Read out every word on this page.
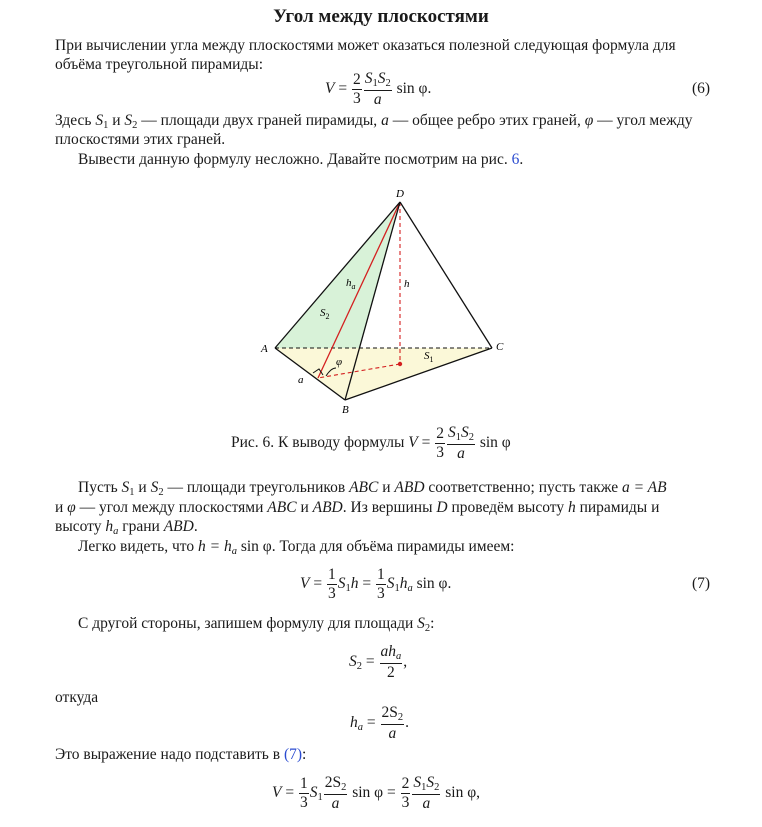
Угол между плоскостями
При вычислении угла между плоскостями может оказаться полезной следующая формула для
объёма треугольной пирамиды:
$V = \frac{2}{3} \frac{S1S2}{a}$ sin φ.	(6)
Здесь S1 и S2 — площади двух граней пирамиды, a — общее ребро этих граней, φ — угол между
плоскостями этих граней.
Вывести данную формулу несложно. Давайте посмотрим на рис. 6.
D
A
B
C
h
$h_a$
$S_2$
$S_1$
φ
a
Рис. 6. К выводу формулы $V = \frac{2}{3} \frac{S1S2}{a}$ sin φ
Пусть S1 и S2 — площади треугольников ABC и ABD соответственно; пусть также a = AB
и φ — угол между плоскостями ABC и ABD. Из вершины D проведём высоту h пирамиды и
высоту ha грани ABD.
Легко видеть, что h = ha sin φ. Тогда для объёма пирамиды имеем:
$V = \frac{1}{3} S1h = \frac{1}{3} S1ha$ sin φ.	(7)
С другой стороны, запишем формулу для площади S2:
$S2 = \frac{\text{aha}}{2}$ ,
откуда
ha = $\frac{2S2}{a}$ .
Это выражение надо подставить в (7):
$V = \frac{1}{3} S1 \frac{2S2}{a}$ $\sin \varphi = \frac{2}{3} \frac{S1S2}{a}$ sin φ,
